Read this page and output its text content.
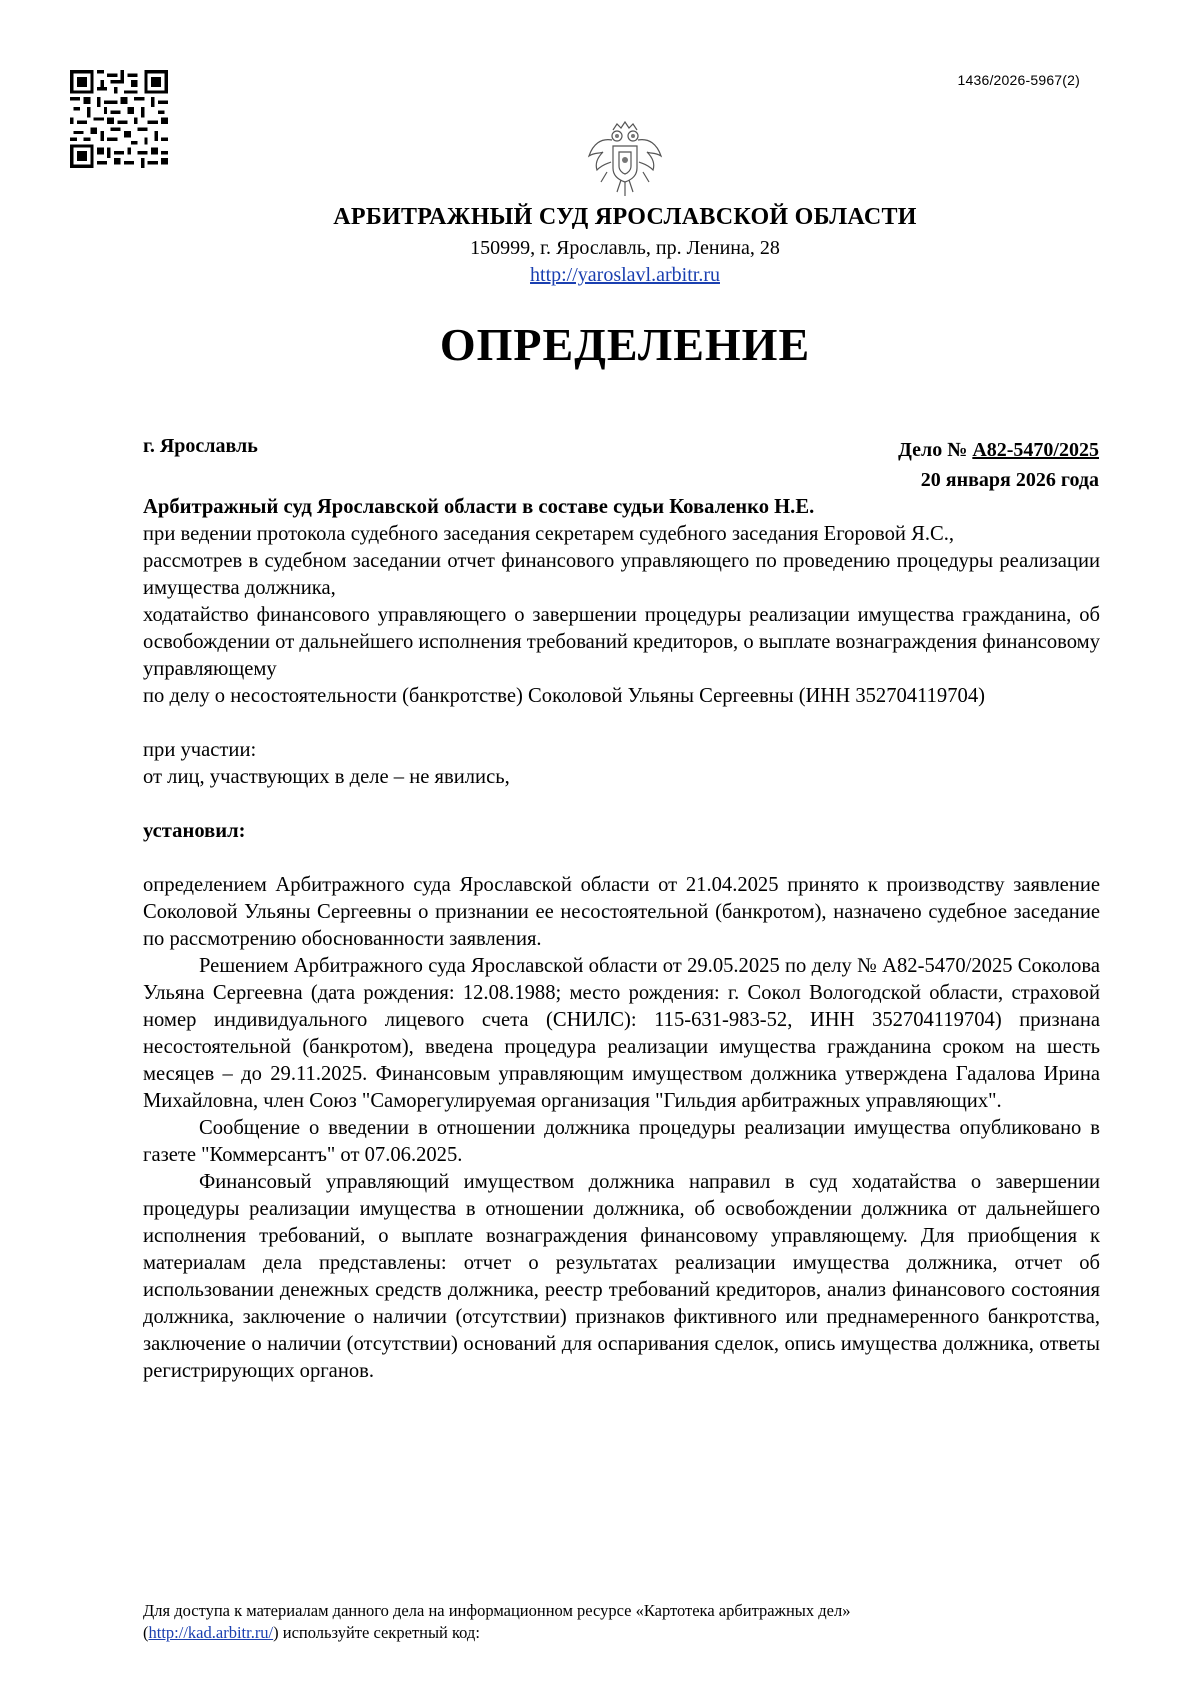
1436/2026-5967(2)
АРБИТРАЖНЫЙ СУД ЯРОСЛАВСКОЙ ОБЛАСТИ
150999, г. Ярославль, пр. Ленина, 28
http://yaroslavl.arbitr.ru
ОПРЕДЕЛЕНИЕ
г. Ярославль	Дело № А82-5470/2025
20 января 2026 года

Арбитражный суд Ярославской области в составе судьи Коваленко Н.Е.

при ведении протокола судебного заседания секретарем судебного заседания Егоровой Я.С.,

рассмотрев в судебном заседании отчет финансового управляющего по проведению процедуры реализации имущества должника,

ходатайство финансового управляющего о завершении процедуры реализации имущества гражданина, об освобождении от дальнейшего исполнения требований кредиторов, о выплате вознаграждения финансовому управляющему

по делу о несостоятельности (банкротстве) Соколовой Ульяны Сергеевны (ИНН 352704119704)

при участии:

от лиц, участвующих в деле – не явились,

установил:

определением Арбитражного суда Ярославской области от 21.04.2025 принято к производству заявление Соколовой Ульяны Сергеевны о признании ее несостоятельной (банкротом), назначено судебное заседание по рассмотрению обоснованности заявления.

Решением Арбитражного суда Ярославской области от 29.05.2025 по делу № А82-5470/2025 Соколова Ульяна Сергеевна (дата рождения: 12.08.1988; место рождения: г. Сокол Вологодской области, страховой номер индивидуального лицевого счета (СНИЛС): 115-631-983-52, ИНН 352704119704) признана несостоятельной (банкротом), введена процедура реализации имущества гражданина сроком на шесть месяцев – до 29.11.2025. Финансовым управляющим имуществом должника утверждена Гадалова Ирина Михайловна, член Союз "Саморегулируемая организация "Гильдия арбитражных управляющих".

Сообщение о введении в отношении должника процедуры реализации имущества опубликовано в газете "Коммерсантъ" от 07.06.2025.

Финансовый управляющий имуществом должника направил в суд ходатайства о завершении процедуры реализации имущества в отношении должника, об освобождении должника от дальнейшего исполнения требований, о выплате вознаграждения финансовому управляющему. Для приобщения к материалам дела представлены: отчет о результатах реализации имущества должника, отчет об использовании денежных средств должника, реестр требований кредиторов, анализ финансового состояния должника, заключение о наличии (отсутствии) признаков фиктивного или преднамеренного банкротства, заключение о наличии (отсутствии) оснований для оспаривания сделок, опись имущества должника, ответы регистрирующих органов.

Для доступа к материалам данного дела на информационном ресурсе «Картотека арбитражных дел»
(http://kad.arbitr.ru/) используйте секретный код:
